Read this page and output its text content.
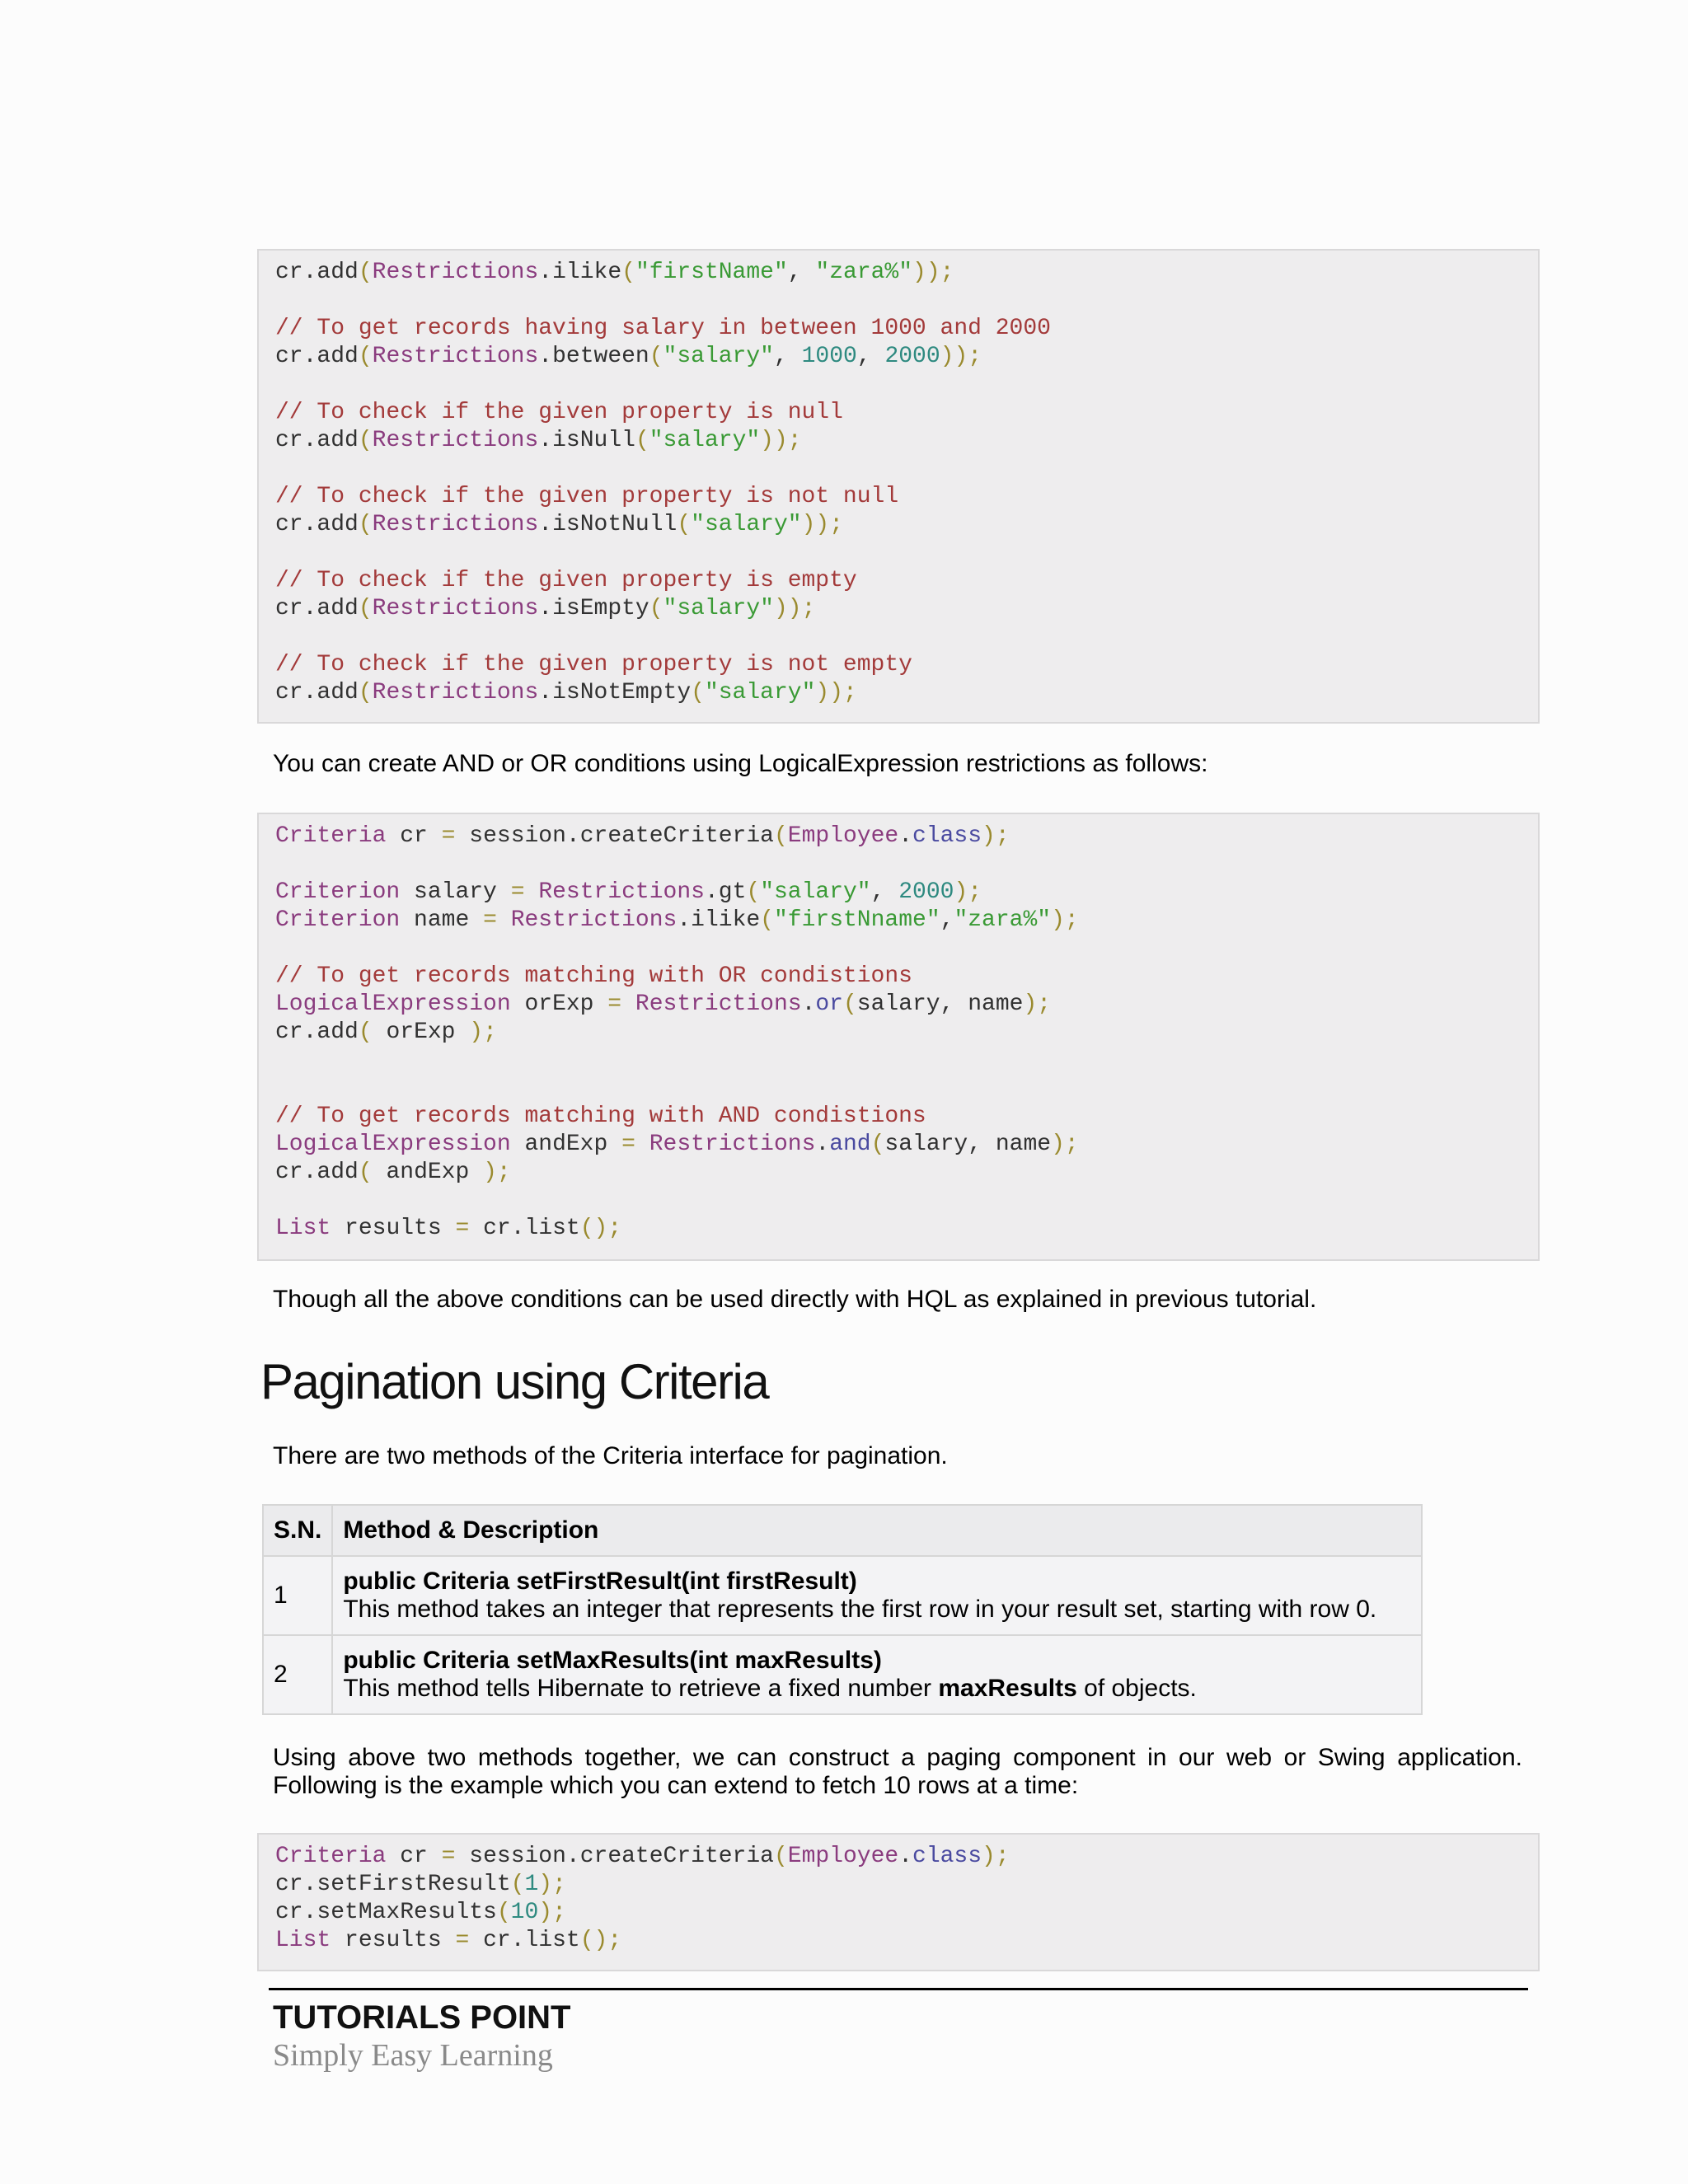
cr.add(Restrictions.ilike("firstName", "zara%"));
// To get records having salary in between 1000 and 2000
cr.add(Restrictions.between("salary", 1000, 2000));
// To check if the given property is null
cr.add(Restrictions.isNull("salary"));
// To check if the given property is not null
cr.add(Restrictions.isNotNull("salary"));
// To check if the given property is empty
cr.add(Restrictions.isEmpty("salary"));
// To check if the given property is not empty
cr.add(Restrictions.isNotEmpty("salary"));
You can create AND or OR conditions using LogicalExpression restrictions as follows:
Criteria cr = session.createCriteria(Employee.class);
Criterion salary = Restrictions.gt("salary", 2000);
Criterion name = Restrictions.ilike("firstNname","zara%");
// To get records matching with OR condistions
LogicalExpression orExp = Restrictions.or(salary, name);
cr.add( orExp );
// To get records matching with AND condistions
LogicalExpression andExp = Restrictions.and(salary, name);
cr.add( andExp );
List results = cr.list();
Though all the above conditions can be used directly with HQL as explained in previous tutorial.
Pagination using Criteria
There are two methods of the Criteria interface for pagination.
S.N.	Method & Description
1	public Criteria setFirstResult(int firstResult)
This method takes an integer that represents the first row in your result set, starting with row 0.

2	public Criteria setMaxResults(int maxResults)
This method tells Hibernate to retrieve a fixed number maxResults of objects.
Using above two methods together, we can construct a paging component in our web or Swing application. Following is the example which you can extend to fetch 10 rows at a time:
Criteria cr = session.createCriteria(Employee.class);
cr.setFirstResult(1);
cr.setMaxResults(10);
List results = cr.list();
TUTORIALS POINT
Simply Easy Learning
